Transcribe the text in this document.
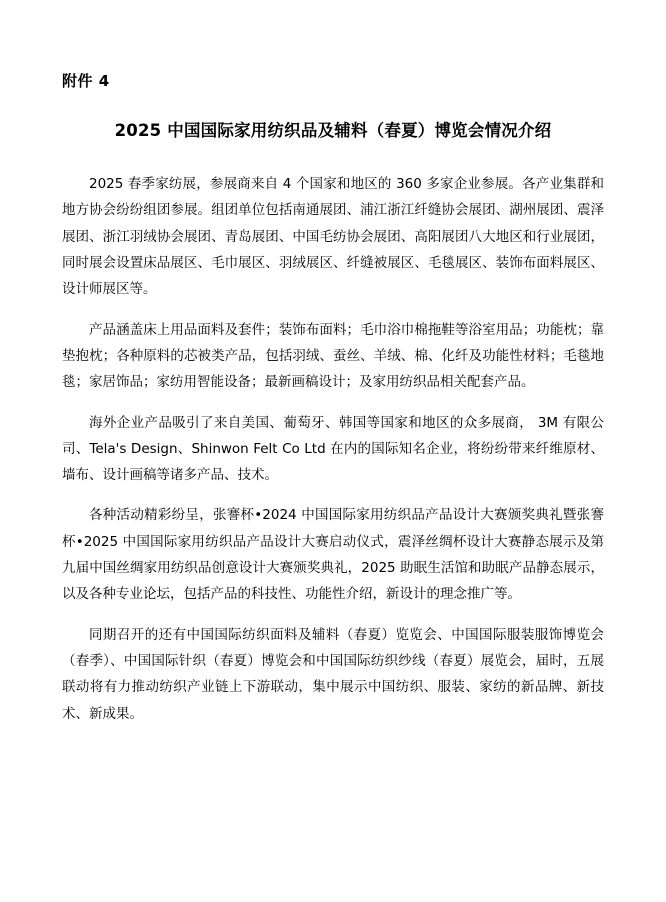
附件 4
2025 中国国际家用纺织品及辅料（春夏）博览会情况介绍

2025 春季家纺展，参展商来自 4 个国家和地区的 360 多家企业参展。各产业集群和地方协会纷纷组团参展。组团单位包括南通展团、浦江浙江纤缝协会展团、湖州展团、震泽展团、浙江羽绒协会展团、青岛展团、中国毛纺协会展团、高阳展团八大地区和行业展团，同时展会设置床品展区、毛巾展区、羽绒展区、纤缝被展区、毛毯展区、装饰布面料展区、设计师展区等。

产品涵盖床上用品面料及套件；装饰布面料；毛巾浴巾棉拖鞋等浴室用品；功能枕；靠垫抱枕；各种原料的芯被类产品，包括羽绒、蚕丝、羊绒、棉、化纤及功能性材料；毛毯地毯；家居饰品；家纺用智能设备；最新画稿设计；及家用纺织品相关配套产品。

海外企业产品吸引了来自美国、葡萄牙、韩国等国家和地区的众多展商， 3M 有限公司、Tela's Design、Shinwon Felt Co Ltd 在内的国际知名企业，将纷纷带来纤维原材、墙布、设计画稿等诸多产品、技术。

各种活动精彩纷呈，张謇杯•2024 中国国际家用纺织品产品设计大赛颁奖典礼暨张謇杯•2025 中国国际家用纺织品产品设计大赛启动仪式，震泽丝绸杯设计大赛静态展示及第九届中国丝绸家用纺织品创意设计大赛颁奖典礼，2025 助眠生活馆和助眠产品静态展示，以及各种专业论坛，包括产品的科技性、功能性介绍，新设计的理念推广等。

同期召开的还有中国国际纺织面料及辅料（春夏）览览会、中国国际服装服饰博览会（春季）、中国国际针织（春夏）博览会和中国国际纺织纱线（春夏）展览会，届时，五展联动将有力推动纺织产业链上下游联动，集中展示中国纺织、服装、家纺的新品牌、新技术、新成果。
